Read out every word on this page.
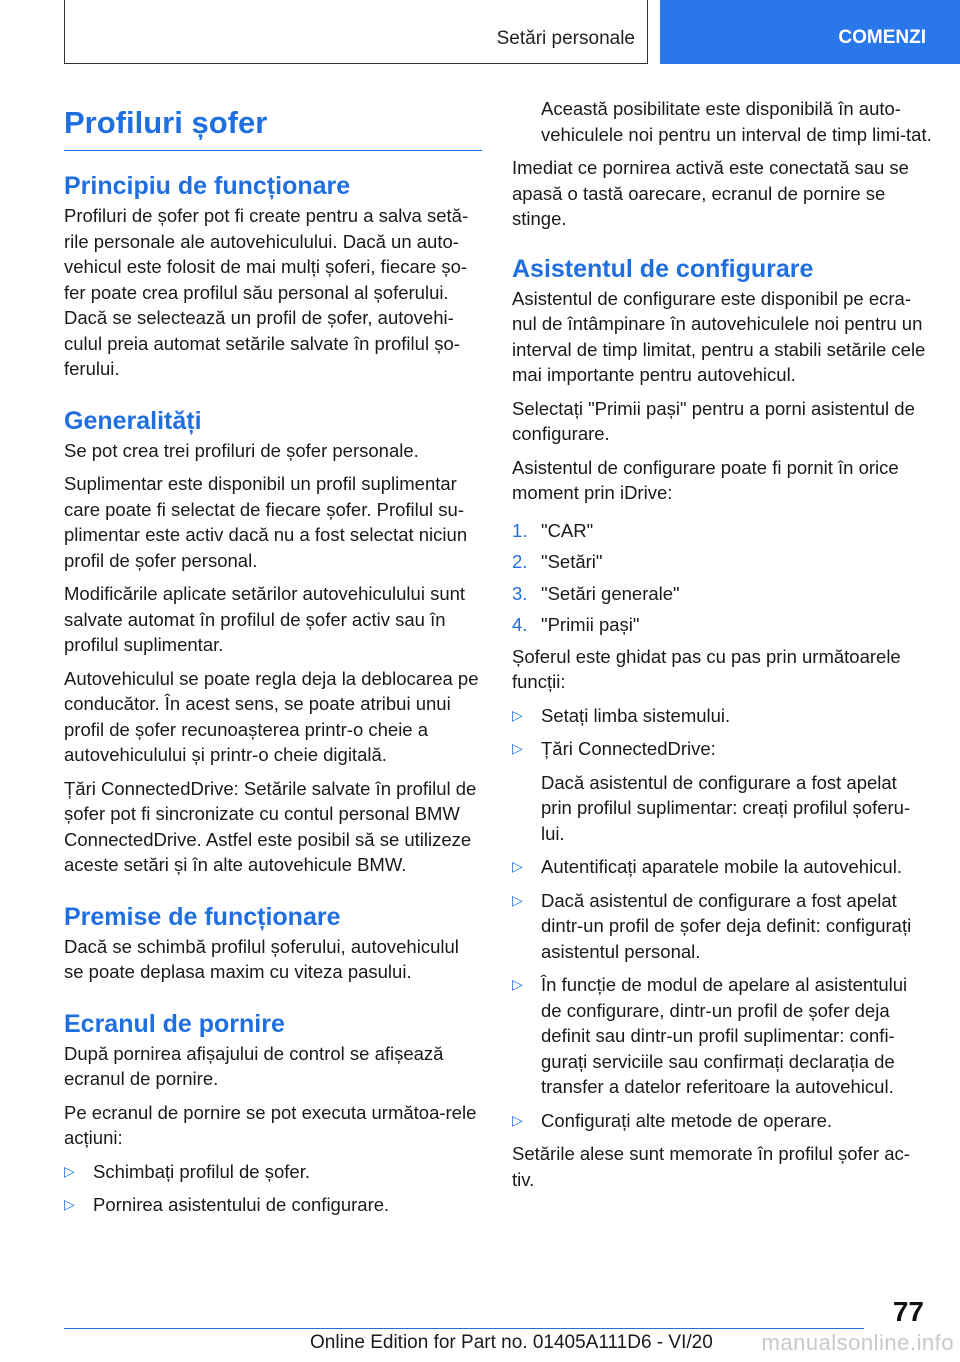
Setări personale	COMENZI
Profiluri șofer
Principiu de funcționare

Profiluri de șofer pot fi create pentru a salva setă-rile personale ale autovehiculului. Dacă un auto-vehicul este folosit de mai mulți șoferi, fiecare șo-fer poate crea profilul său personal al șoferului. Dacă se selectează un profil de șofer, autovehi-culul preia automat setările salvate în profilul șo-ferului.

Generalități

Se pot crea trei profiluri de șofer personale.

Suplimentar este disponibil un profil suplimentar care poate fi selectat de fiecare șofer. Profilul su-plimentar este activ dacă nu a fost selectat niciun profil de șofer personal.

Modificările aplicate setărilor autovehiculului sunt salvate automat în profilul de șofer activ sau în profilul suplimentar.

Autovehiculul se poate regla deja la deblocarea pe conducător. În acest sens, se poate atribui unui profil de șofer recunoașterea printr-o cheie a autovehiculului și printr-o cheie digitală.

Țări ConnectedDrive: Setările salvate în profilul de șofer pot fi sincronizate cu contul personal BMW ConnectedDrive. Astfel este posibil să se utilizeze aceste setări și în alte autovehicule BMW.

Premise de funcționare

Dacă se schimbă profilul șoferului, autovehiculul se poate deplasa maxim cu viteza pasului.

Ecranul de pornire

După pornirea afișajului de control se afișează ecranul de pornire.

Pe ecranul de pornire se pot executa următoa-rele acțiuni:

▷ Schimbați profilul de șofer.
▷ Pornirea asistentului de configurare.

Această posibilitate este disponibilă în auto-vehiculele noi pentru un interval de timp limi-tat.

Imediat ce pornirea activă este conectată sau se apasă o tastă oarecare, ecranul de pornire se stinge.

Asistentul de configurare

Asistentul de configurare este disponibil pe ecra-nul de întâmpinare în autovehiculele noi pentru un interval de timp limitat, pentru a stabili setările cele mai importante pentru autovehicul.

Selectați "Primii pași" pentru a porni asistentul de configurare.

Asistentul de configurare poate fi pornit în orice moment prin iDrive:

1. "CAR"
2. "Setări"
3. "Setări generale"
4. "Primii pași"

Șoferul este ghidat pas cu pas prin următoarele funcții:

▷ Setați limba sistemului.
▷ Țări ConnectedDrive:
Dacă asistentul de configurare a fost apelat prin profilul suplimentar: creați profilul șoferu-lui.
▷ Autentificați aparatele mobile la autovehicul.
▷ Dacă asistentul de configurare a fost apelat dintr-un profil de șofer deja definit: configurați asistentul personal.
▷ În funcție de modul de apelare al asistentului de configurare, dintr-un profil de șofer deja definit sau dintr-un profil suplimentar: confi-gurați serviciile sau confirmați declarația de transfer a datelor referitoare la autovehicul.
▷ Configurați alte metode de operare.

Setările alese sunt memorate în profilul șofer ac-tiv.

77
Online Edition for Part no. 01405A111D6 - VI/20 manualsonline.info
